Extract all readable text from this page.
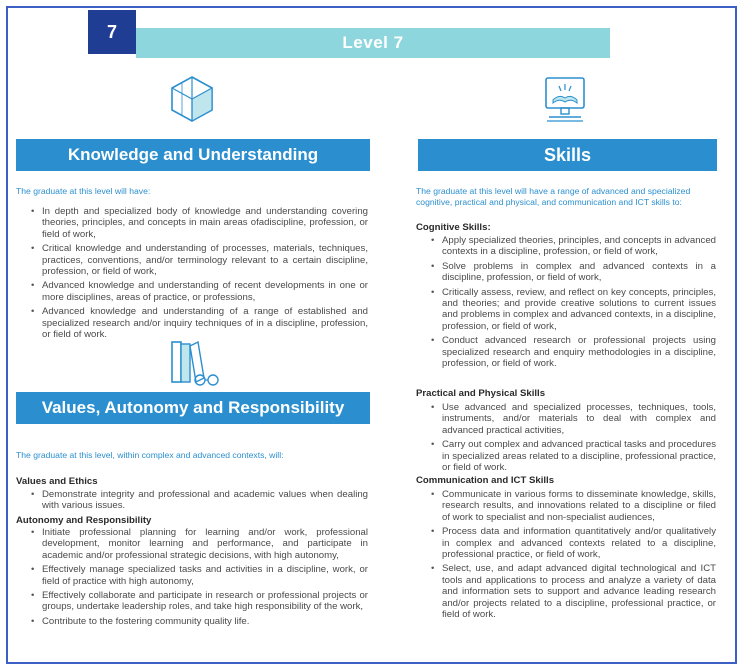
7
Level 7
Knowledge and Understanding	Skills
The graduate at this level will have:
• In depth and specialized body of knowledge and understanding covering theories, principles, and concepts in main areas ofadiscipline, profession, or field of work,
• Critical knowledge and understanding of processes, materials, techniques, practices, conventions, and/or terminology relevant to a certain discipline, profession, or field of work,
• Advanced knowledge and understanding of recent developments in one or more disciplines, areas of practice, or professions,
• Advanced knowledge and understanding of a range of established and specialized research and/or inquiry techniques of in a discipline, profession, or field of work.
Values, Autonomy and Responsibility
The graduate at this level, within complex and advanced contexts, will:
Values and Ethics
• Demonstrate integrity and professional and academic values when dealing with various issues.
Autonomy and Responsibility
• Initiate professional planning for learning and/or work, professional development, monitor learning and performance, and participate in academic and/or professional strategic decisions, with high autonomy,
• Effectively manage specialized tasks and activities in a discipline, work, or field of practice with high autonomy,
• Effectively collaborate and participate in research or professional projects or groups, undertake leadership roles, and take high responsibility of the work,
• Contribute to the fostering community quality life.
The graduate at this level will have a range of advanced and specialized cognitive, practical and physical, and communication and ICT skills to:
Cognitive Skills:
• Apply specialized theories, principles, and concepts in advanced contexts in a discipline, profession, or field of work,
• Solve problems in complex and advanced contexts in a discipline, profession, or field of work,
• Critically assess, review, and reflect on key concepts, principles, and theories; and provide creative solutions to current issues and problems in complex and advanced contexts, in a discipline, profession, or field of work,
• Conduct advanced research or professional projects using specialized research and enquiry methodologies in a discipline, profession, or field of work.
Practical and Physical Skills
• Use advanced and specialized processes, techniques, tools, instruments, and/or materials to deal with complex and advanced practical activities,
• Carry out complex and advanced practical tasks and procedures in specialized areas related to a discipline, professional practice, or field of work.
Communication and ICT Skills
• Communicate in various forms to disseminate knowledge, skills, research results, and innovations related to a discipline or filed of work to specialist and non-specialist audiences,
• Process data and information quantitatively and/or qualitatively in complex and advanced contexts related to a discipline, professional practice, or field of work,
• Select, use, and adapt advanced digital technological and ICT tools and applications to process and analyze a variety of data and information sets to support and advance leading research and/or projects related to a discipline, professional practice, or field of work.
